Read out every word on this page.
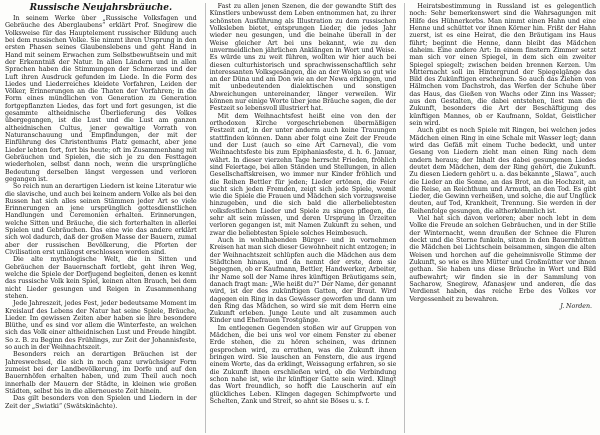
Russische Neujahrsbräuche.

In seinem Werke über „Russische Volksfagen und Gebräuche des Aberglaubens“ erklärt Prof. Snegirew die Volksweise für das Hauptelement russischer Bildung auch bei dem russischen Volke. Sie nimmt ihren Ursprung in den ersten Phasen seines Glaubenslebens und geht Hand in Hand mit seinem Erwachen zum Selbstbewußtsein und mit der Erkenntniß der Natur. In allen Ländern und in allen Sprachen haben die Stimmungen der Schmerzes und der Luft ihren Ausdruck gefunden im Liede. In die Form des Liedes und Liederreiches kleidete Vorfahren, Leiden der Völker, Erinnerungen an die Thaten der Vorfahren; in die Form eines mündlichen von Generation zu Generation fortgepflanzten Liedes, das fort und fort gesungen, ist die gesammte altheidnische Überlieferung des Volkes übergegangen, ist die Lust und die Lust am ganzen altheidnischen Cultus, jener gewaltige Vorrath von Naturanschauung und Empfindungen, der mit der Einführung des Christenthums Platz gemacht, aber jene Lieder lebten fort, fort bis heute; oft im Zusammenhang mit Gebräuchen und Spielen, die sich je zu den Festtagen wiederholen, selbst dann noch, wenn die ursprüngliche Bedeutung derselben längst vergessen und verloren gegangen ist.

So reich nun an derartigen Liedern ist keine Literatur wie die slavische, und auch bei keinem andern Volke als bei den Russen hat sich alles seinen Stämmen jeder Art so viele Erinnerungen an jene ursprünglich gottesdienstlichen Handlungen und Ceremonien erhalten. Erinnerungen, welche Sitten und Bräuche, die sich forterhalten in allerlei Spielen und Gebräuchen. Das eine wie das andere erklärt sich wol dadurch, daß der großen Masse der Bauern, zumal aber der russischen Bevölkerung, die Pforten der Civilisation erst unlängst erschlossen worden sind.

Die alte mythologische Welt, die in Sitten und Gebräuchen der Bauernschaft fortlebt, geht ihren Weg, welche die Spiele der Dorfjugend begleiten, denen es kennt das russische Volk kein Spiel, keinen alten Brauch, bei dem nicht Lieder gesungen und Reigen in Zusammenhang stehen.

Jede Jahreszeit, jedes Fest, jeder bedeutsame Moment im Kreislauf des Lebens der Natur hat seine Spiele, Bräuche, Lieder. Im gewissen Zeiten aber haben sie ihre besondere Blüthe, und es sind vor allem die Winterfeste, an welchen sich das Volk einer altheidnischen Lust und Freude hingibt. So z. B. zu Beginn des Frühlings, zur Zeit der Johannisfeste, so auch in der Weihnachtszeit.

Besonders reich an derartigen Bräuchen ist der Jahreswechsel, die sich in noch ganz urwüchsiger Form zumeist bei der Landbevölkerung, im Dorfe und auf den Bauernhöfen erhalten haben, und zum Theil auch noch innerhalb der Mauern der Städte, in kleinen wie großen Städten, selbst bis in die allerneueste Zeit hinein.

Das gilt besonders von den Spielen und Liedern in der Zeit der „Swiatki“ (Swätskinächte).

Fast zu allen jenen Szenen, die der gewandte Stift des Künstlers unbewusst dem Leben entnommen hat, zu ihrer schönsten Ausführung als Illustration zu dem russischen Volksleben bietet, entsprungen Lieder, die jedes Jahr wieder neu gesungen, und die beinahe überall in der Weise gleicher Art bei uns bekannt, wie zu den unvermeidlichen jährlichen Anklängen in Wort und Weise. Es würde uns zu weit führen, wollten wir hier auch bei diesen culturhistorisch und sprachwissenschaftlich sehr interessanten Volksgesängen, die an der Wolga so gut wie an der Düna und am Don wie an der Newa erklingen, und mit unbedeutenden dialektischen und sonstigen Abweichungen untereinander, länger verweilen. Wir können nur einige Worte über jene Bräuche sagen, die der Festzeit so lebensvoll illustriert hat.

Mit dem Weihnachtsfest heißt eine von den der orthodoxen Kirche vorgeschriebenen übermäßigen Festzeit auf, in der unter anderm auch keine Trauungen stattfinden können. Dann aber folgt eine Zeit der Freude und der Lust (auch so eine Art Carneval), die vom Weihnachtsfeste bis zum Epiphaniasfeste, d. h. 6. Januar, währt. In dieser vierzehn Tage herrscht Frieden, fröhlich sind Feiertage, bei allen Ständen und Stellungen, in allen Gesellschaftskreisen, wo immer nur Kinder fröhlich und die Reihen Bettler für jeden; Lieder ertönen, die Feier sucht sich jeden Fremden, zeigt sich jede Spiele, womit wie die Spiele die Frauen und Mädchen sich vorzugsweise hinzugeben, und die sich bald die allerbeliebtesten volksfestlichen Lieder und Spiele zu singen pflegen, die sehr alt sein müssen, und deren Ursprung in Urzeiten verloren gegangen ist, mit Namen Zukunft zu sehen, und zwar die beliebtesten Spiele solches Heimbesuch.

Auch in wohlhabenden Bürger- und in vornehmen Kreisen hat man sich dieser Gewohnheit nicht entzogen; in der Weihnachtszeit schlüpfen auch die Mädchen aus dem Städtchen hinaus, und da nennt der erste, dem sie begegnen, ob er Kaufmann, Bettler, Handwerker, Arbeiter, ihr Name soll der Name ihres künftigen Bräutigams sein, danach fragt man: „Wie heißt du?“ Der Name, der genannt wird, ist der des zukünftigen Gatten, der Braut. Wird dagegen ein Ring in das Gewässer geworfen und dann um den Ring das Mädchen, so wird sie mit dem Herrn eine Zukunft erleben. Junge Leute und alt zusammen auch Kinder und Ehefrauen Trostgänge.

Im entlegenen Gegenden stoßen wir auf Gruppen von Mädchen, die bei uns wol vor einem Fenster zu ebener Erde stehen, die zu hören scheinen, was drinnen gesprochen wird, zu errathen, was die Zukunft ihnen bringen wird. Sie lauschen an Fenstern, die aus irgend einem Worte, das da erklingt, Weissagung erfahren, so sie die Zukunft ihnen erschließen wird, ob die Verbindung schon nahe ist, wie ihr künftiger Gatte sein wird. Klingt das Wort freundlich, so hofft die Lauscherin auf ein glückliches Leben. Klingen dagegen Schimpfworte und Schelten, Zank und Streit, so ahnt sie Böses u. s. f.

Heiratsbestimmung in Russland ist es gelegentlich noch: Sehr bemerkenswert sind die Wahrsagungen mit Hilfe des Hühnerkorbs. Man nimmt einen Hahn und eine Henne und schüttet vor ihnen Körner hin. Frißt der Hahn zuerst, ist es eine Heirat, die den Bräutigam ins Haus führt; beginnt die Henne, dann bleibt das Mädchen daheim. Eine andere Art: In einem finstern Zimmer setzt man sich vor einen Spiegel, in dem sich ein zweiter Spiegel spiegelt; zwischen beiden brennen Kerzen. Um Mitternacht soll im Hintergrund der Spiegelgänge das Bild des Zukünftigen erscheinen. So auch das Ziehen von Hälmchen vom Dachstroh, das Werfen der Schuhe über das Haus, das Gießen von Wachs oder Zinn ins Wasser; aus den Gestalten, die dabei entstehen, liest man die Zukunft, besonders die Art der Beschäftigung des künftigen Mannes, ob er Kaufmann, Soldat, Geistlicher sein wird.

Auch gibt es noch Spiele mit Ringen, bei welchen jedes Mädchen einen Ring in eine Schale mit Wasser legt; dann wird das Gefäß mit einem Tuche bedeckt, und unter Gesang von Liedern zieht man einen Ring nach dem andern heraus; der Inhalt des dabei gesungenen Liedes deutet dem Mädchen, dem der Ring gehört, die Zukunft. Zu diesen Liedern gehört u. a. das bekannte „Slawa“, auch die Lieder an die Sonne, an das Brot, an die Hochzeit, an die Reise, an Reichthum und Armuth, an den Tod. Es gibt Lieder, die Gewinn verheißen, und solche, die auf Unglück deuten, auf Tod, Krankheit, Trennung. Sie werden in der Reihenfolge gesungen, die altherkömmlich ist.

Viel hat sich davon verloren; aber noch lebt in dem Volke die Freude an solchen Gebräuchen, und in der Stille der Winternacht, wenn draußen der Schnee die Fluren deckt und die Sterne funkeln, sitzen in den Bauernhütten die Mädchen bei Lichtschein beisammen, singen die alten Weisen und horchen auf die geheimnisvolle Stimme der Zukunft, so wie es ihre Mütter und Großmütter vor ihnen gethan. Sie haben uns diese Bräuche in Wort und Bild aufbewahrt; wir finden sie in der Sammlung von Sacharow, Snegirew, Afanasjew und anderen, die das Verdienst haben, das reiche Erbe des Volkes vor Vergessenheit zu bewahren.

J. Norden.
